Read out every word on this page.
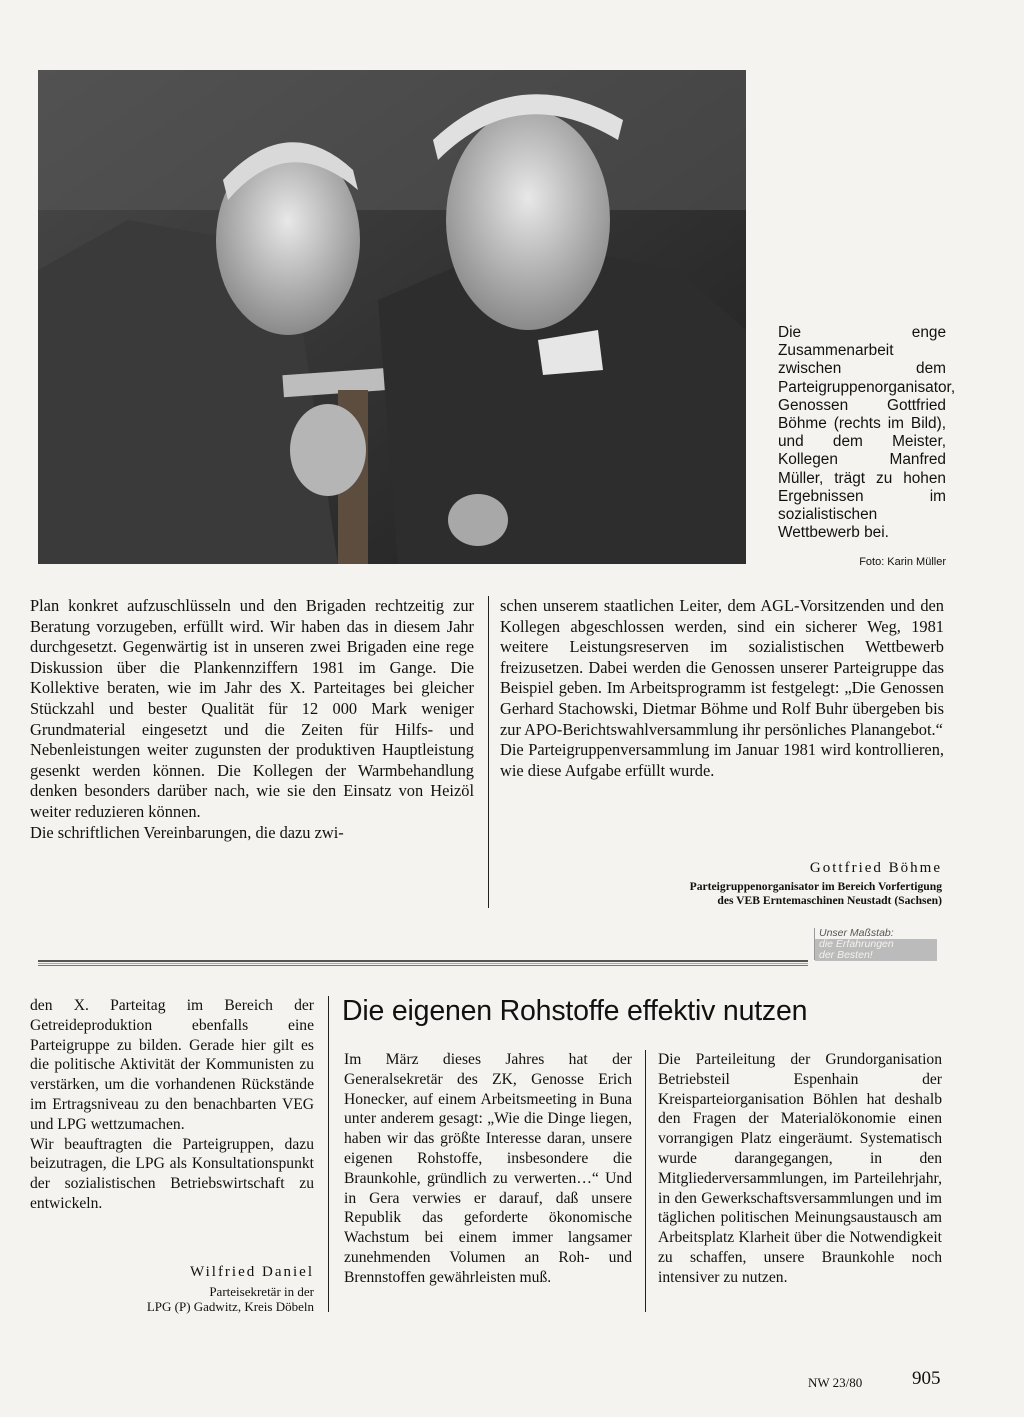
Die enge Zusammenarbeit zwischen dem Parteigruppenorganisator, Genossen Gottfried Böhme (rechts im Bild), und dem Meister, Kollegen Manfred Müller, trägt zu hohen Ergebnissen im sozialistischen Wettbewerb bei.
Foto: Karin Müller

Plan konkret aufzuschlüsseln und den Brigaden rechtzeitig zur Beratung vorzugeben, erfüllt wird. Wir haben das in diesem Jahr durchgesetzt. Gegenwärtig ist in unseren zwei Brigaden eine rege Diskussion über die Plankennziffern 1981 im Gange. Die Kollektive beraten, wie im Jahr des X. Parteitages bei gleicher Stückzahl und bester Qualität für 12 000 Mark weniger Grundmaterial eingesetzt und die Zeiten für Hilfs- und Nebenleistungen weiter zugunsten der produktiven Hauptleistung gesenkt werden können. Die Kollegen der Warmbehandlung denken besonders darüber nach, wie sie den Einsatz von Heizöl weiter reduzieren können.

Die schriftlichen Vereinbarungen, die dazu zwi-

schen unserem staatlichen Leiter, dem AGL-Vorsitzenden und den Kollegen abgeschlossen werden, sind ein sicherer Weg, 1981 weitere Leistungsreserven im sozialistischen Wettbewerb freizusetzen. Dabei werden die Genossen unserer Parteigruppe das Beispiel geben. Im Arbeitsprogramm ist festgelegt: „Die Genossen Gerhard Stachowski, Dietmar Böhme und Rolf Buhr übergeben bis zur APO-Berichtswahlversammlung ihr persönliches Planangebot.“

Die Parteigruppenversammlung im Januar 1981 wird kontrollieren, wie diese Aufgabe erfüllt wurde.

Gottfried Böhme
Parteigruppenorganisator im Bereich Vorfertigung
des VEB Erntemaschinen Neustadt (Sachsen)
Unser Maßstab:
die Erfahrungen
der Besten!

den X. Parteitag im Bereich der Getreideproduktion ebenfalls eine Parteigruppe zu bilden. Gerade hier gilt es die politische Aktivität der Kommunisten zu verstärken, um die vorhandenen Rückstände im Ertragsniveau zu den benachbarten VEG und LPG wettzumachen.

Wir beauftragten die Parteigruppen, dazu beizutragen, die LPG als Konsultationspunkt der sozialistischen Betriebswirtschaft zu entwickeln.

Wilfried Daniel
Parteisekretär in der
LPG (P) Gadwitz, Kreis Döbeln
Die eigenen Rohstoffe effektiv nutzen

Im März dieses Jahres hat der Generalsekretär des ZK, Genosse Erich Honecker, auf einem Arbeitsmeeting in Buna unter anderem gesagt: „Wie die Dinge liegen, haben wir das größte Interesse daran, unsere eigenen Rohstoffe, insbesondere die Braunkohle, gründlich zu verwerten…“ Und in Gera verwies er darauf, daß unsere Republik das geforderte ökonomische Wachstum bei einem immer langsamer zunehmenden Volumen an Roh- und Brennstoffen gewährleisten muß.

Die Parteileitung der Grundorganisation Betriebsteil Espenhain der Kreisparteiorganisation Böhlen hat deshalb den Fragen der Materialökonomie einen vorrangigen Platz eingeräumt. Systematisch wurde darangegangen, in den Mitgliederversammlungen, im Parteilehrjahr, in den Gewerkschaftsversammlungen und im täglichen politischen Meinungsaustausch am Arbeitsplatz Klarheit über die Notwendigkeit zu schaffen, unsere Braunkohle noch intensiver zu nutzen.

NW 23/80	905
